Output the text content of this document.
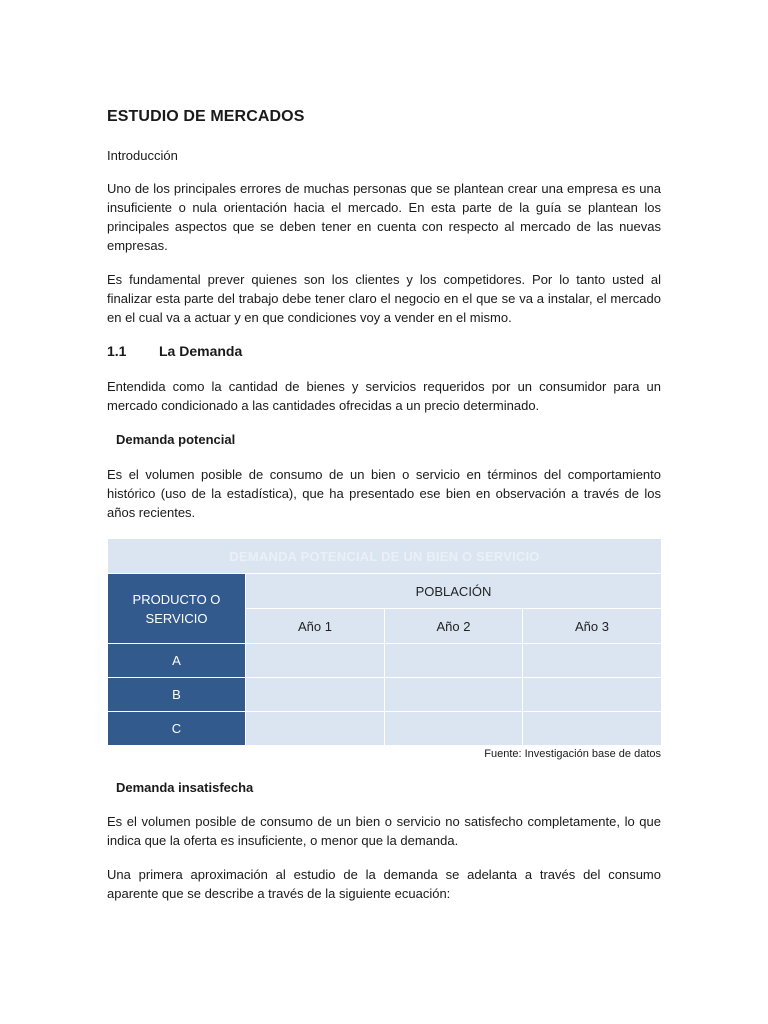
ESTUDIO DE MERCADOS
Introducción
Uno de los principales errores de muchas personas que se plantean crear una empresa es una insuficiente o nula orientación hacia el mercado. En esta parte de la guía se plantean los principales aspectos que se deben tener en cuenta con respecto al mercado de las nuevas empresas.
Es fundamental prever quienes son los clientes y los competidores. Por lo tanto usted al finalizar esta parte del trabajo debe tener claro el negocio en el que se va a instalar, el mercado en el cual va a actuar y en que condiciones voy a vender en el mismo.
1.1 La Demanda
Entendida como la cantidad de bienes y servicios requeridos por un consumidor para un mercado condicionado a las cantidades ofrecidas a un precio determinado.
Demanda potencial
Es el volumen posible de consumo de un bien o servicio en términos del comportamiento histórico (uso de la estadística), que ha presentado ese bien en observación a través de los años recientes.
DEMANDA POTENCIAL DE UN BIEN O SERVICIO			
PRODUCTO O SERVICIO	POBLACIÓN		
	Año 1	Año 2	Año 3
A			
B			
C			
Fuente: Investigación base de datos
Demanda insatisfecha
Es el volumen posible de consumo de un bien o servicio no satisfecho completamente, lo que indica que la oferta es insuficiente, o menor que la demanda.
Una primera aproximación al estudio de la demanda se adelanta a través del consumo aparente que se describe a través de la siguiente ecuación:
